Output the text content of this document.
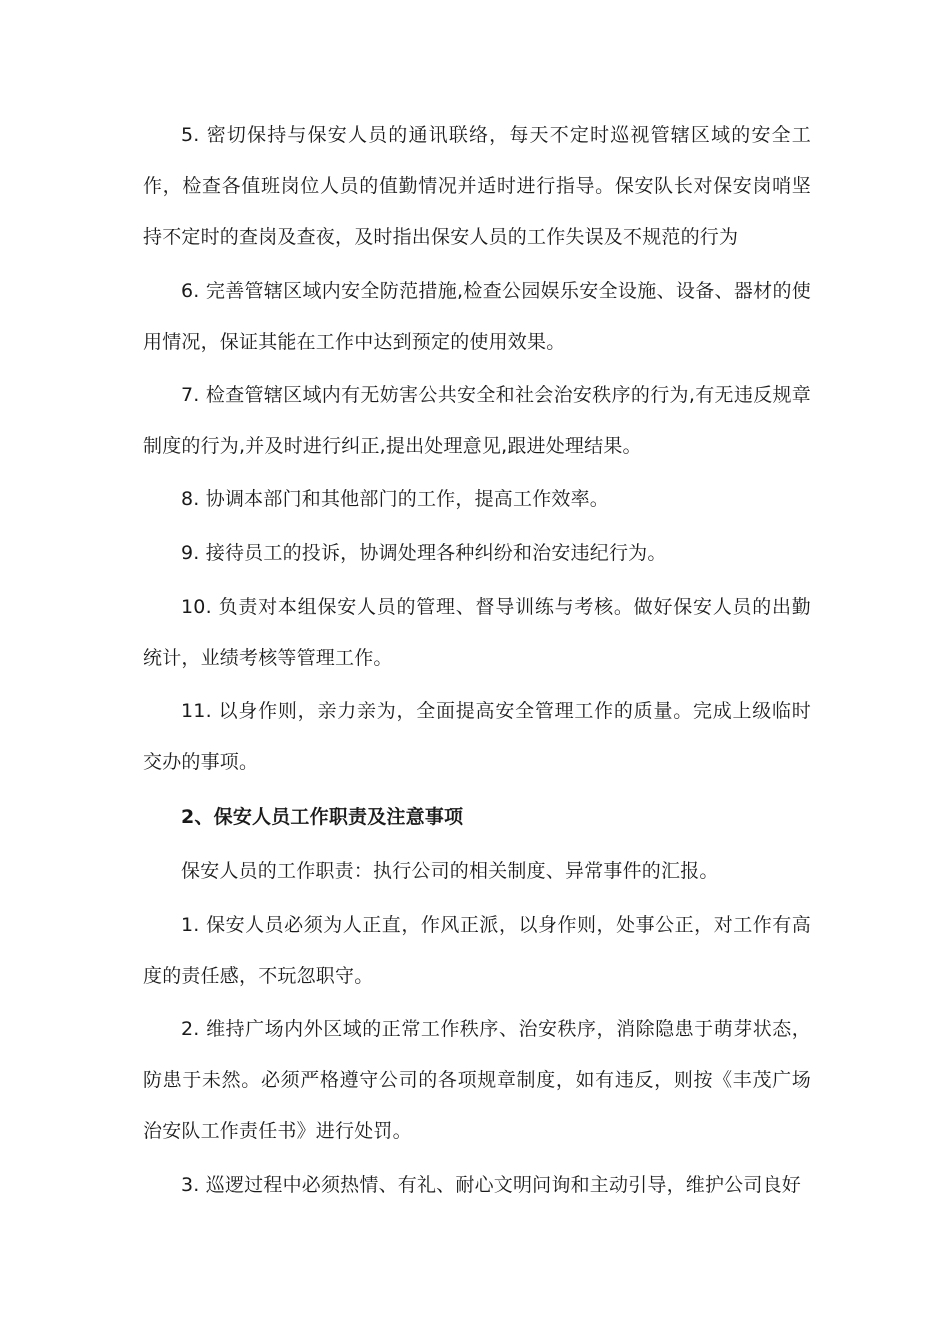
5. 密切保持与保安人员的通讯联络，每天不定时巡视管辖区域的安全工作，检查各值班岗位人员的值勤情况并适时进行指导。保安队长对保安岗哨坚持不定时的查岗及查夜，及时指出保安人员的工作失误及不规范的行为

6. 完善管辖区域内安全防范措施,检查公园娱乐安全设施、设备、器材的使用情况，保证其能在工作中达到预定的使用效果。

7. 检查管辖区域内有无妨害公共安全和社会治安秩序的行为,有无违反规章制度的行为,并及时进行纠正,提出处理意见,跟进处理结果。

8. 协调本部门和其他部门的工作，提高工作效率。

9. 接待员工的投诉，协调处理各种纠纷和治安违纪行为。

10. 负责对本组保安人员的管理、督导训练与考核。做好保安人员的出勤统计，业绩考核等管理工作。

11. 以身作则，亲力亲为，全面提高安全管理工作的质量。完成上级临时交办的事项。

2、保安人员工作职责及注意事项

保安人员的工作职责：执行公司的相关制度、异常事件的汇报。

1. 保安人员必须为人正直，作风正派，以身作则，处事公正，对工作有高度的责任感，不玩忽职守。

2. 维持广场内外区域的正常工作秩序、治安秩序，消除隐患于萌芽状态，防患于未然。必须严格遵守公司的各项规章制度，如有违反，则按《丰茂广场治安队工作责任书》进行处罚。

3. 巡逻过程中必须热情、有礼、耐心文明问询和主动引导，维护公司良好
